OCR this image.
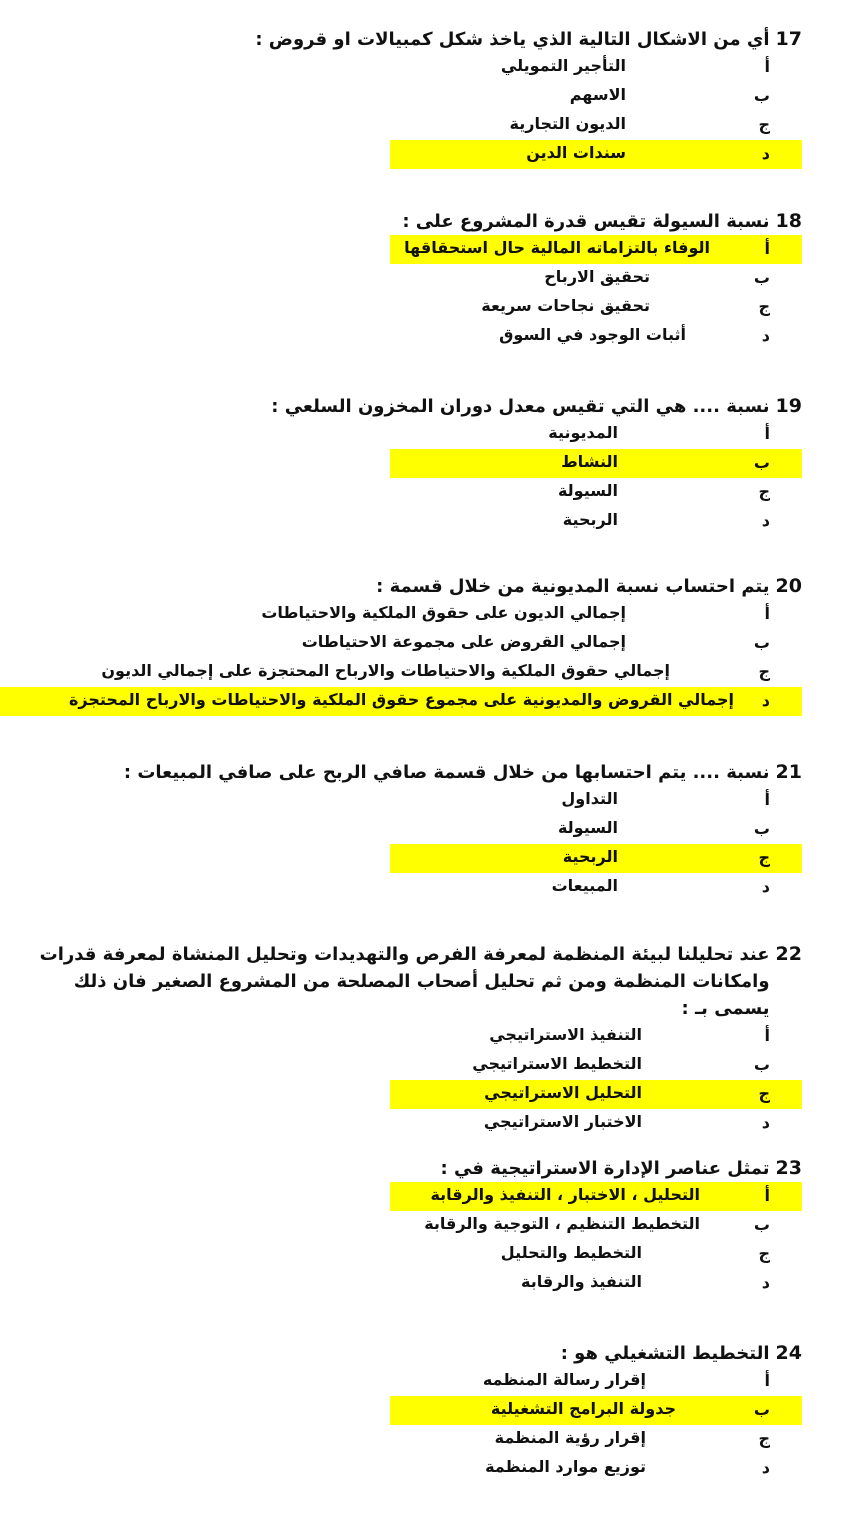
17
أي من الاشكال التالية الذي ياخذ شكل كمبيالات او قروض :
أ
التأجير التمويلي
ب
الاسهم
ج
الديون التجارية
د
سندات الدين
18
نسبة السيولة تقيس قدرة المشروع على :
أ
الوفاء بالتزاماته المالية حال استحقاقها
ب
تحقيق الارباح
ج
تحقيق نجاحات سريعة
د
أثبات الوجود في السوق
19
نسبة .... هي التي تقيس معدل دوران المخزون السلعي :
أ
المديونية
ب
النشاط
ج
السيولة
د
الربحية
20
يتم احتساب نسبة المديونية من خلال قسمة :
أ
إجمالي الديون على حقوق الملكية والاحتياطات
ب
إجمالي القروض على مجموعة الاحتياطات
ج
إجمالي حقوق الملكية والاحتياطات والارباح المحتجزة على إجمالي الديون
د
إجمالي القروض والمديونية على مجموع حقوق الملكية والاحتياطات والارباح المحتجزة
21
نسبة .... يتم احتسابها من خلال قسمة صافي الربح على صافي المبيعات :
أ
التداول
ب
السيولة
ج
الربحية
د
المبيعات
22
عند تحليلنا لبيئة المنظمة لمعرفة الفرص والتهديدات وتحليل المنشاة لمعرفة قدرات وامكانات المنظمة ومن ثم تحليل أصحاب المصلحة من المشروع الصغير فان ذلك يسمى بـ :
أ
التنفيذ الاستراتيجي
ب
التخطيط الاستراتيجي
ج
التحليل الاستراتيجي
د
الاختبار الاستراتيجي
23
تمثل عناصر الإدارة الاستراتيجية في :
أ
التحليل ، الاختبار ، التنفيذ والرقابة
ب
التخطيط التنظيم ، التوجية والرقابة
ج
التخطيط والتحليل
د
التنفيذ والرقابة
24
التخطيط التشغيلي هو :
أ
إقرار رسالة المنظمه
ب
جدولة البرامج التشغيلية
ج
إقرار رؤية المنظمة
د
توزيع موارد المنظمة
